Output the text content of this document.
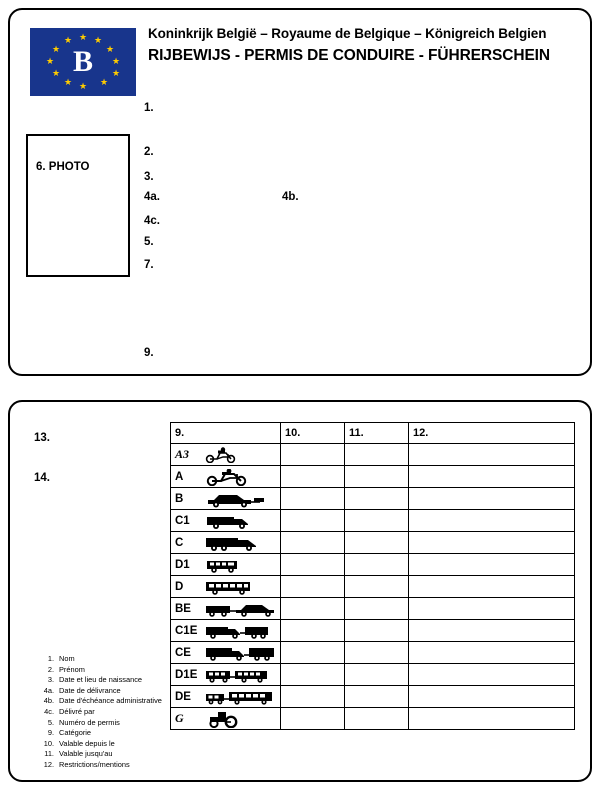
B
★
★ ★
★	★
★	★
★	★
★	★
★
Koninkrijk België – Royaume de Belgique – Königreich Belgien
RIJBEWIJS - PERMIS DE CONDUIRE - FÜHRERSCHEIN
6. PHOTO
1.
2.
3.
4a.	4b.
4c.
5.
7.
9.
13.
14.
9.	10.	11.	12.
A3

A

B

C1

C

D1

D

BE

C1E

CE

D1E

DE

G

1. Nom
2. Prénom
3. Date et lieu de naissance
4a. Date de délivrance
4b. Date d'échéance administrative
4c. Délivré par
5. Numéro de permis
9. Catégorie
10. Valable depuis le
11. Valable jusqu'au
12. Restrictions/mentions
